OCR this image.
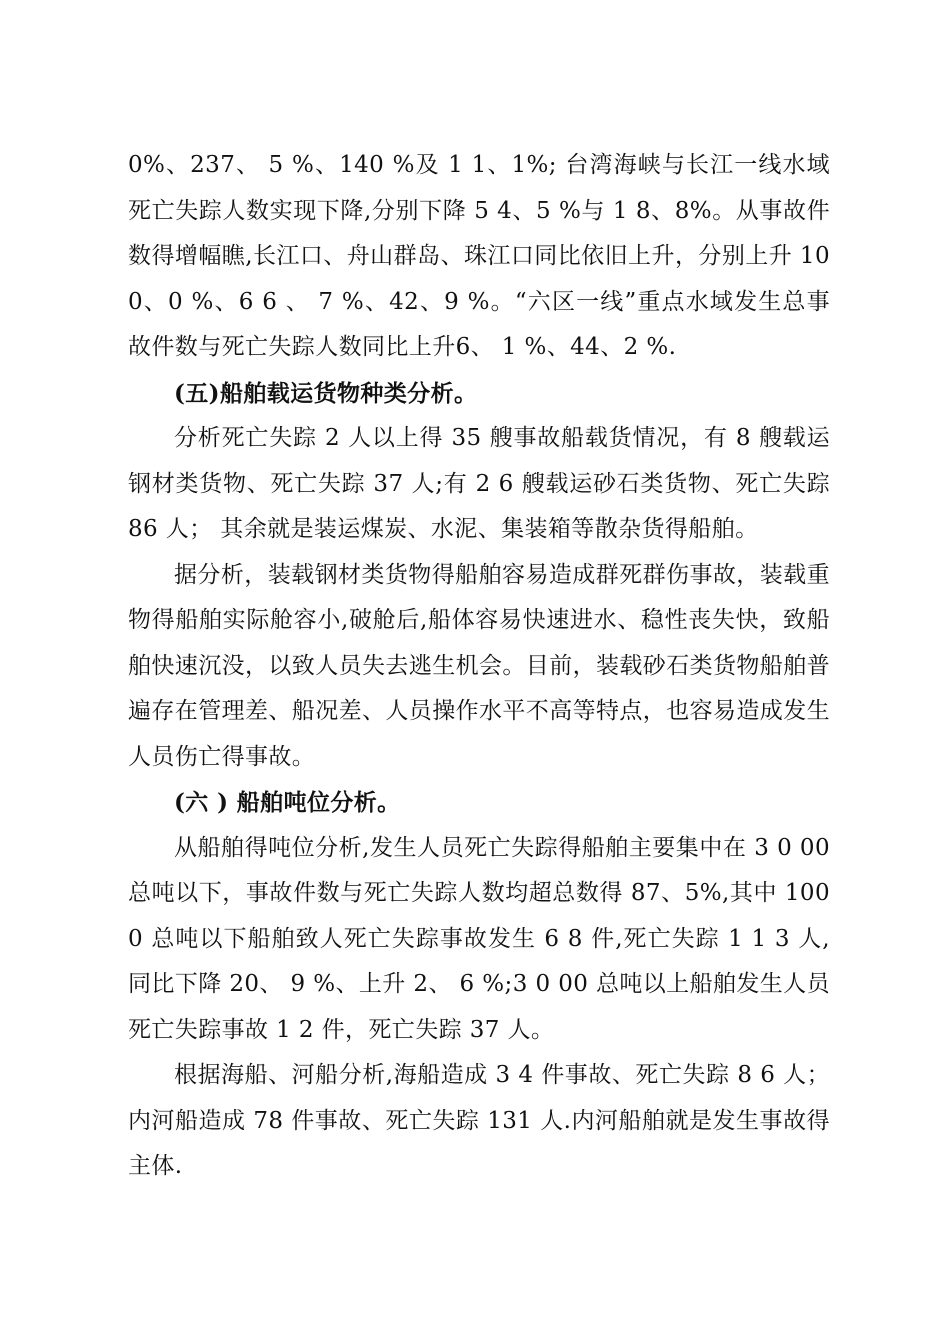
0%、237、 5 %、140 %及 1 1、1%; 台湾海峡与长江一线水域死亡失踪人数实现下降,分别下降 5 4、5 %与 1 8、8%。从事故件数得增幅瞧,长江口、舟山群岛、珠江口同比依旧上升，分别上升 100、0 %、6 6 、 7 %、42、9 %。“六区一线”重点水域发生总事故件数与死亡失踪人数同比上升6、 1 %、44、2 %.

(五)船舶载运货物种类分析。

分析死亡失踪 2 人以上得 35 艘事故船载货情况，有 8 艘载运钢材类货物、死亡失踪 37 人;有 2 6 艘载运砂石类货物、死亡失踪 86 人； 其余就是装运煤炭、水泥、集装箱等散杂货得船舶。

据分析，装载钢材类货物得船舶容易造成群死群伤事故，装载重物得船舶实际舱容小,破舱后,船体容易快速进水、稳性丧失快，致船舶快速沉没，以致人员失去逃生机会。目前，装载砂石类货物船舶普遍存在管理差、船况差、人员操作水平不高等特点，也容易造成发生人员伤亡得事故。

(六 ) 船舶吨位分析。

从船舶得吨位分析,发生人员死亡失踪得船舶主要集中在 3 0 00 总吨以下，事故件数与死亡失踪人数均超总数得 87、5%,其中 100 0 总吨以下船舶致人死亡失踪事故发生 6 8 件,死亡失踪 1 1 3 人,同比下降 20、 9 %、上升 2、 6 %;3 0 00 总吨以上船舶发生人员死亡失踪事故 1 2 件，死亡失踪 37 人。

根据海船、河船分析,海船造成 3 4 件事故、死亡失踪 8 6 人； 内河船造成 78 件事故、死亡失踪 131 人.内河船舶就是发生事故得主体.
